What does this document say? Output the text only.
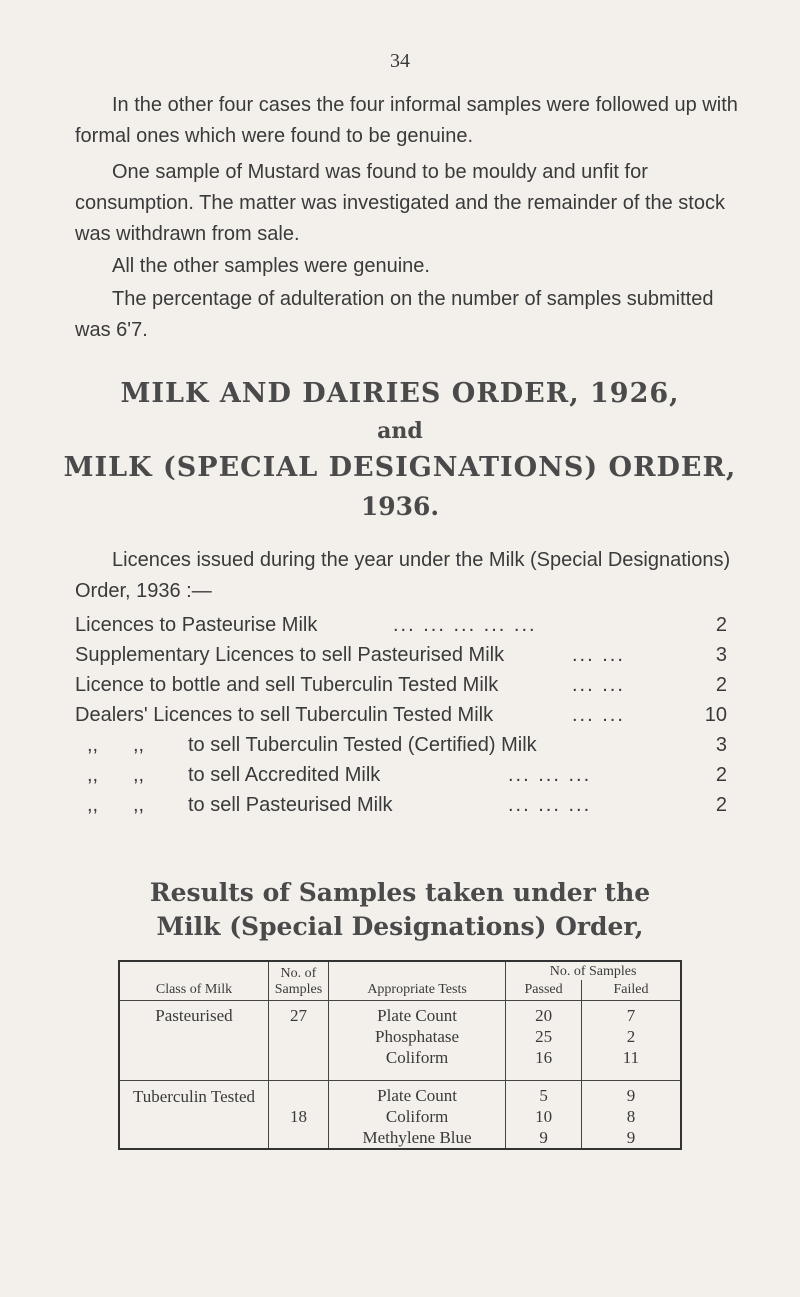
34
In the other four cases the four informal samples were followed up with formal ones which were found to be genuine.
One sample of Mustard was found to be mouldy and unfit for consumption. The matter was investigated and the remainder of the stock was withdrawn from sale.
All the other samples were genuine.
The percentage of adulteration on the number of samples submitted was 6'7.
MILK AND DAIRIES ORDER, 1926,
and
MILK (SPECIAL DESIGNATIONS) ORDER,
1936.
Licences issued during the year under the Milk (Special Designations) Order, 1936 :—
Licences to Pasteurise Milk	... ... ... ... ...	2
Supplementary Licences to sell Pasteurised Milk	... ...	3
Licence to bottle and sell Tuberculin Tested Milk	... ...	2
Dealers' Licences to sell Tuberculin Tested Milk	... ...	10
,, ,, to sell Tuberculin Tested (Certified) Milk	3
,, ,, to sell Accredited Milk	... ... ...	2
,, ,, to sell Pasteurised Milk	... ... ...	2
Results of Samples taken under the
Milk (Special Designations) Order,
Class of Milk	No. of Samples	Appropriate Tests	No. of Samples	
			Passed	Failed
Pasteurised	27	Plate Count	20	7
		Phosphatase	25	2
		Coliform	16	11
Tuberculin Tested	18	Plate Count	5	9
		Coliform	10	8
		Methylene Blue	9	9
